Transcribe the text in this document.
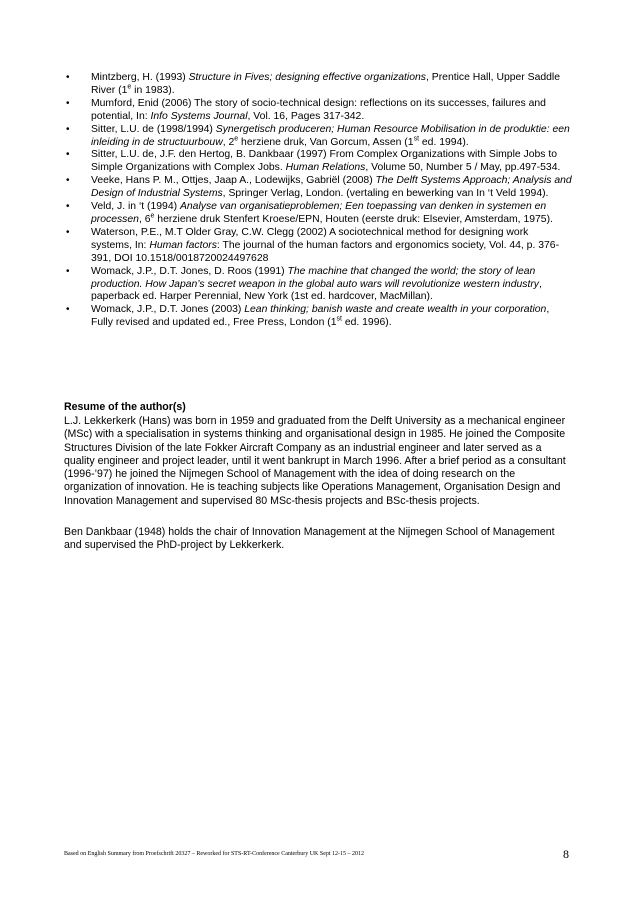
• Mintzberg, H. (1993) Structure in Fives; designing effective organizations, Prentice Hall, Upper Saddle River (1e in 1983).
• Mumford, Enid (2006) The story of socio-technical design: reflections on its successes, failures and potential, In: Info Systems Journal, Vol. 16, Pages 317-342.
• Sitter, L.U. de (1998/1994) Synergetisch produceren; Human Resource Mobilisation in de produktie: een inleiding in de structuurbouw, 2e herziene druk, Van Gorcum, Assen (1st ed. 1994).
• Sitter, L.U. de, J.F. den Hertog, B. Dankbaar (1997) From Complex Organizations with Simple Jobs to Simple Organizations with Complex Jobs. Human Relations, Volume 50, Number 5 / May, pp.497-534.
• Veeke, Hans P. M., Ottjes, Jaap A., Lodewijks, Gabriël (2008) The Delft Systems Approach; Analysis and Design of Industrial Systems, Springer Verlag, London. (vertaling en bewerking van In ‘t Veld 1994).
• Veld, J. in ‘t (1994) Analyse van organisatieproblemen; Een toepassing van denken in systemen en processen, 6e herziene druk Stenfert Kroese/EPN, Houten (eerste druk: Elsevier, Amsterdam, 1975).
• Waterson, P.E., M.T Older Gray, C.W. Clegg (2002) A sociotechnical method for designing work systems, In: Human factors: The journal of the human factors and ergonomics society, Vol. 44, p. 376-391, DOI 10.1518/0018720024497628
• Womack, J.P., D.T. Jones, D. Roos (1991) The machine that changed the world; the story of lean production. How Japan’s secret weapon in the global auto wars will revolutionize western industry, paperback ed. Harper Perennial, New York (1st ed. hardcover, MacMillan).
• Womack, J.P., D.T. Jones (2003) Lean thinking; banish waste and create wealth in your corporation, Fully revised and updated ed., Free Press, London (1st ed. 1996).
Resume of the author(s)

L.J. Lekkerkerk (Hans) was born in 1959 and graduated from the Delft University as a mechanical engineer (MSc) with a specialisation in systems thinking and organisational design in 1985. He joined the Composite Structures Division of the late Fokker Aircraft Company as an industrial engineer and later served as a quality engineer and project leader, until it went bankrupt in March 1996. After a brief period as a consultant (1996-’97) he joined the Nijmegen School of Management with the idea of doing research on the organization of innovation. He is teaching subjects like Operations Management, Organisation Design and Innovation Management and supervised 80 MSc-thesis projects and BSc-thesis projects.

Ben Dankbaar (1948) holds the chair of Innovation Management at the Nijmegen School of Management and supervised the PhD-project by Lekkerkerk.

Based on English Summary from Proefschrift 20327 – Reworked for STS-RT-Conference Canterbury UK Sept 12-15 – 2012	8
